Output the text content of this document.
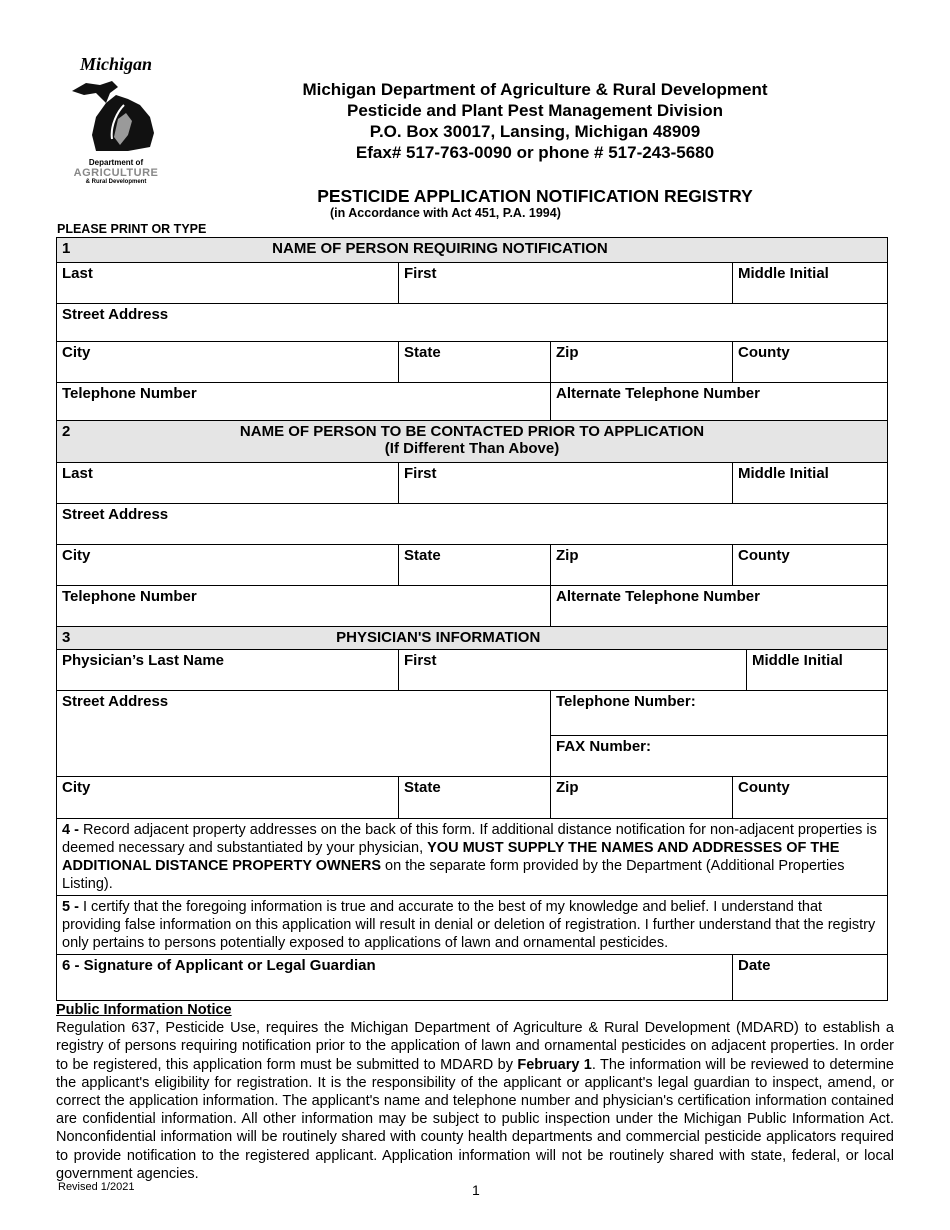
Michigan
Department of
AGRICULTURE
& Rural Development
Michigan Department of Agriculture & Rural Development
Pesticide and Plant Pest Management Division
P.O. Box 30017, Lansing, Michigan 48909
Efax# 517-763-0090 or phone # 517-243-5680
PESTICIDE APPLICATION NOTIFICATION REGISTRY
(in Accordance with Act 451, P.A. 1994)
PLEASE PRINT OR TYPE
1 NAME OF PERSON REQUIRING NOTIFICATION				
Last	First		Middle Initial	
Street Address				
City	State	Zip	County	
Telephone Number		Alternate Telephone Number		

2 NAME OF PERSON TO BE CONTACTED PRIOR TO APPLICATION
(If Different Than Above)				

Last	First		Middle Initial	
Street Address				
City	State	Zip	County	
Telephone Number		Alternate Telephone Number		
3 PHYSICIAN'S INFORMATION				
Physician’s Last Name	First			Middle Initial
Street Address		Telephone Number:		
		FAX Number:		
City	State	Zip	County	
4 - Record adjacent property addresses on the back of this form. If additional distance notification for non-adjacent properties is deemed necessary and substantiated by your physician, YOU MUST SUPPLY THE NAMES AND ADDRESSES OF THE ADDITIONAL DISTANCE PROPERTY OWNERS on the separate form provided by the Department (Additional Properties Listing).				
5 - I certify that the foregoing information is true and accurate to the best of my knowledge and belief. I understand that providing false information on this application will result in denial or deletion of registration. I further understand that the registry only pertains to persons potentially exposed to applications of lawn and ornamental pesticides.				
6 - Signature of Applicant or Legal Guardian			Date	
Public Information Notice
Regulation 637, Pesticide Use, requires the Michigan Department of Agriculture & Rural Development (MDARD) to establish a registry of persons requiring notification prior to the application of lawn and ornamental pesticides on adjacent properties. In order to be registered, this application form must be submitted to MDARD by February 1. The information will be reviewed to determine the applicant's eligibility for registration. It is the responsibility of the applicant or applicant's legal guardian to inspect, amend, or correct the application information. The applicant's name and telephone number and physician's certification information contained are confidential information. All other information may be subject to public inspection under the Michigan Public Information Act. Nonconfidential information will be routinely shared with county health departments and commercial pesticide applicators required to provide notification to the registered applicant. Application information will not be routinely shared with state, federal, or local government agencies.
Revised 1/2021	1
